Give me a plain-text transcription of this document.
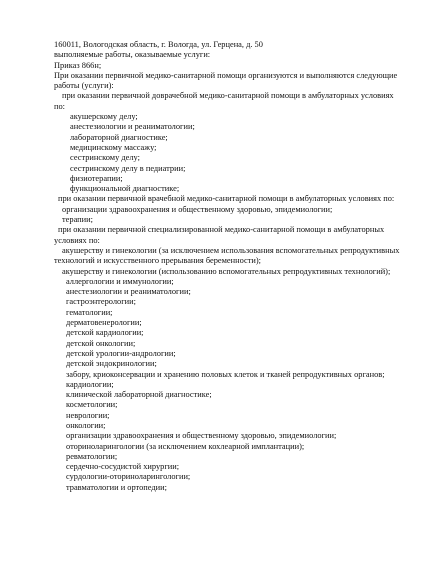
160011, Вологодская область, г. Вологда, ул. Герцена, д. 50
выполняемые работы, оказываемые услуги:
Приказ 866н;
При оказании первичной медико-санитарной помощи организуются и выполняются следующие
работы (услуги):
при оказании первичной доврачебной медико-санитарной помощи в амбулаторных условиях
по:
акушерскому делу;
анестезиологии и реаниматологии;
лабораторной диагностике;
медицинскому массажу;
сестринскому делу;
сестринскому делу в педиатрии;
физиотерапии;
функциональной диагностике;
при оказании первичной врачебной медико-санитарной помощи в амбулаторных условиях по:
организации здравоохранения и общественному здоровью, эпидемиологии;
терапии;
при оказании первичной специализированной медико-санитарной помощи в амбулаторных
условиях по:
акушерству и гинекологии (за исключением использования вспомогательных репродуктивных
технологий и искусственного прерывания беременности);
акушерству и гинекологии (использованию вспомогательных репродуктивных технологий);
аллергологии и иммунологии;
анестезиологии и реаниматологии;
гастроэнтерологии;
гематологии;
дерматовенерологии;
детской кардиологии;
детской онкологии;
детской урологии-андрологии;
детской эндокринологии;
забору, криоконсервации и хранению половых клеток и тканей репродуктивных органов;
кардиологии;
клинической лабораторной диагностике;
косметологии;
неврологии;
онкологии;
организации здравоохранения и общественному здоровью, эпидемиологии;
оториноларингологии (за исключением кохлеарной имплантации);
ревматологии;
сердечно-сосудистой хирургии;
сурдологии-оториноларингологии;
травматологии и ортопедии;
